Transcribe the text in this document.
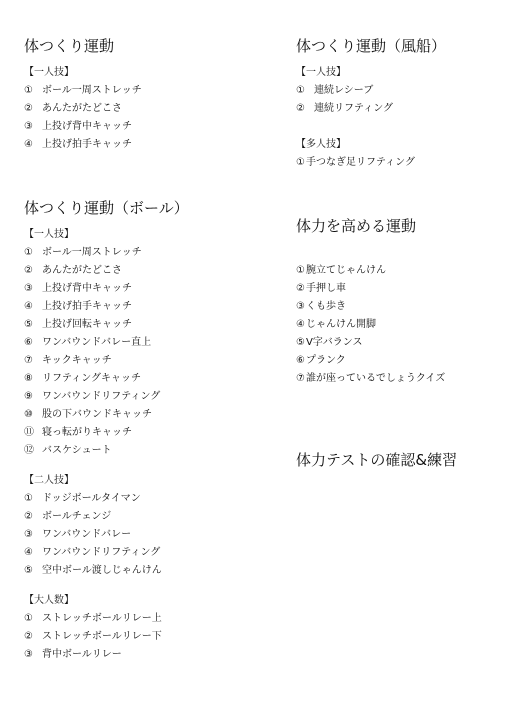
体つくり運動
【一人技】
① ボール一周ストレッチ
② あんたがたどこさ
③ 上投げ背中キャッチ
④ 上投げ拍手キャッチ
体つくり運動（ボール）
【一人技】
① ボール一周ストレッチ
② あんたがたどこさ
③ 上投げ背中キャッチ
④ 上投げ拍手キャッチ
⑤ 上投げ回転キャッチ
⑥ ワンバウンドバレー直上
⑦ キックキャッチ
⑧ リフティングキャッチ
⑨ ワンバウンドリフティング
⑩ 股の下バウンドキャッチ
⑪ 寝っ転がりキャッチ
⑫ バスケシュート
【二人技】
① ドッジボールタイマン
② ボールチェンジ
③ ワンバウンドバレー
④ ワンバウンドリフティング
⑤ 空中ボール渡しじゃんけん
【大人数】
① ストレッチボールリレー上
② ストレッチボールリレー下
③ 背中ボールリレー
体つくり運動（風船）
【一人技】
① 連続レシーブ
② 連続リフティング
【多人技】
① 手つなぎ足リフティング
体力を高める運動
① 腕立てじゃんけん
② 手押し車
③ くも歩き
④ じゃんけん開脚
⑤ V字バランス
⑥ プランク
⑦ 誰が座っているでしょうクイズ
体力テストの確認&練習
